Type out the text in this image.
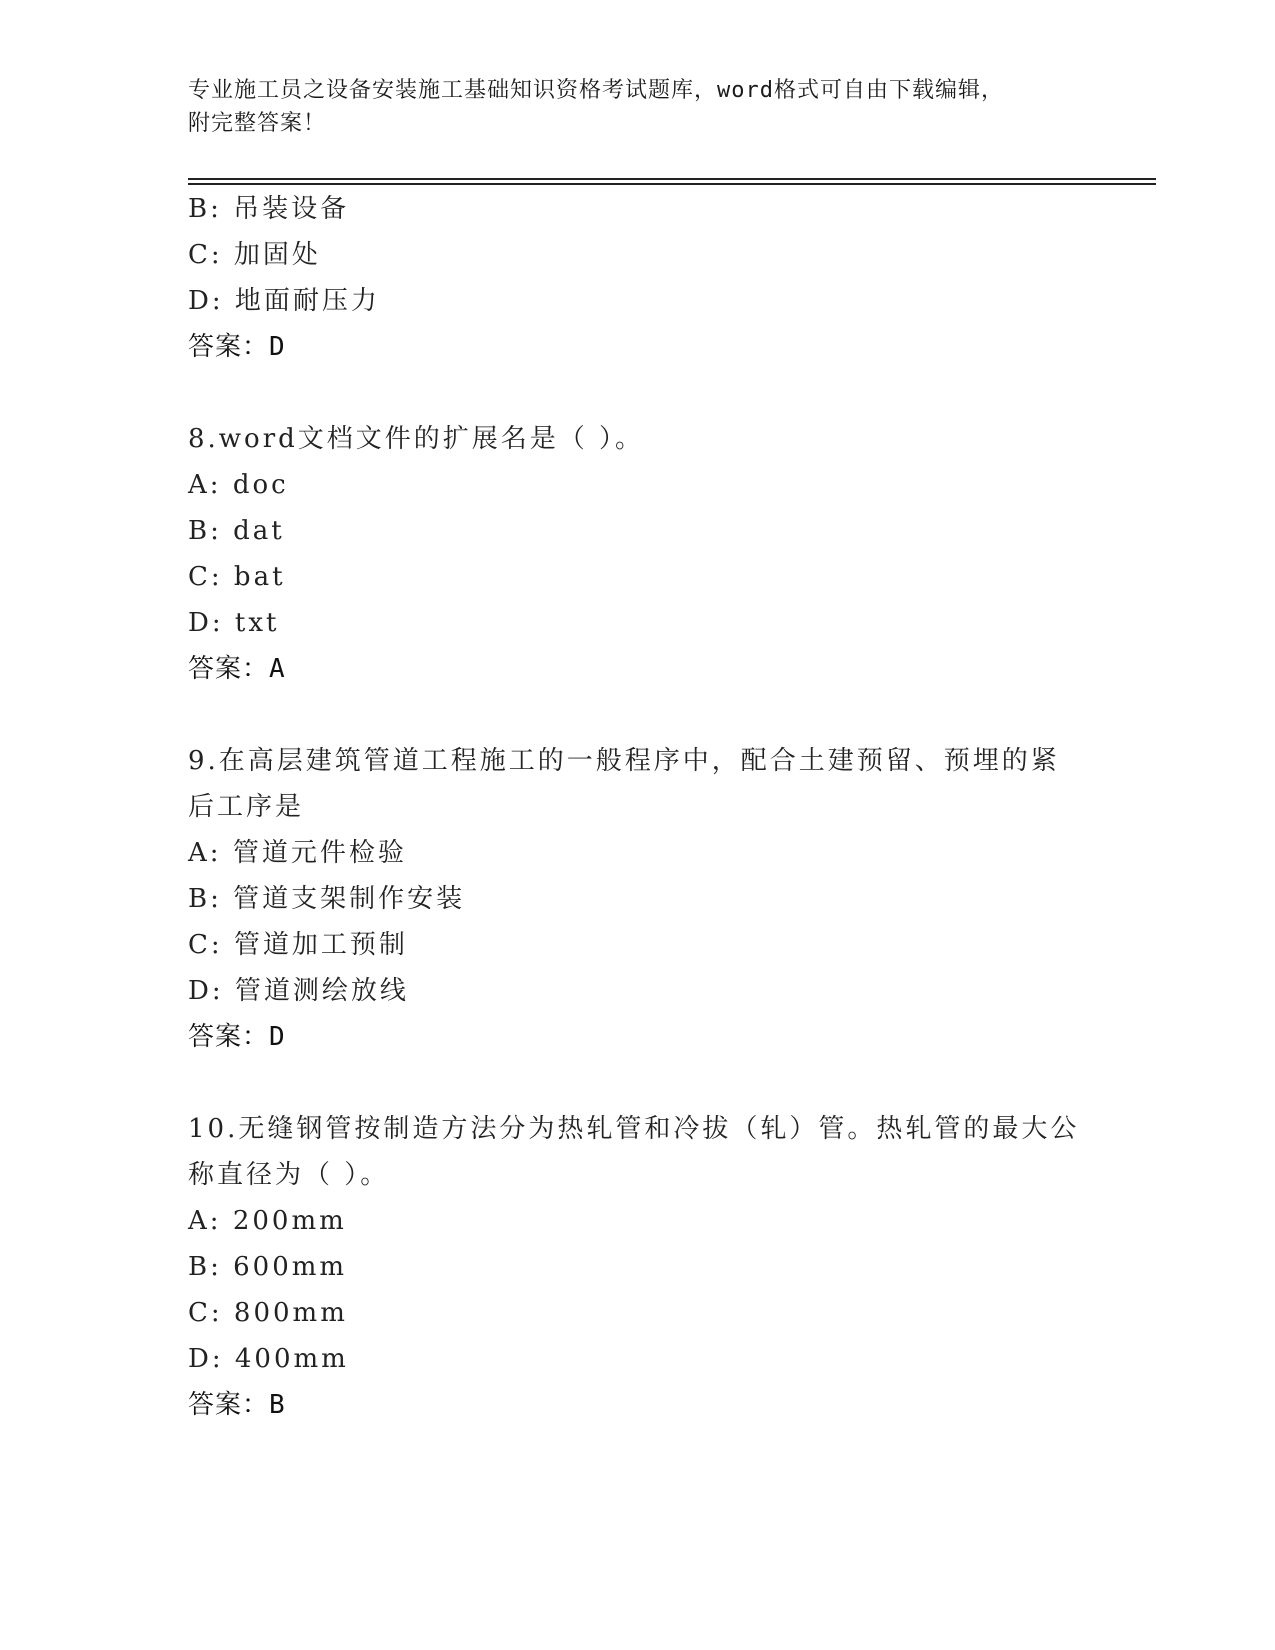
专业施工员之设备安装施工基础知识资格考试题库，word格式可自由下载编辑，
附完整答案！
B: 吊装设备
C: 加固处
D: 地面耐压力
答案：D
8.word文档文件的扩展名是（ ）。
A: doc
B: dat
C: bat
D: txt
答案：A
9.在高层建筑管道工程施工的一般程序中，配合土建预留、预埋的紧
后工序是
A: 管道元件检验
B: 管道支架制作安装
C: 管道加工预制
D: 管道测绘放线
答案：D
10.无缝钢管按制造方法分为热轧管和冷拔（轧）管。热轧管的最大公
称直径为（ ）。
A: 200mm
B: 600mm
C: 800mm
D: 400mm
答案：B
